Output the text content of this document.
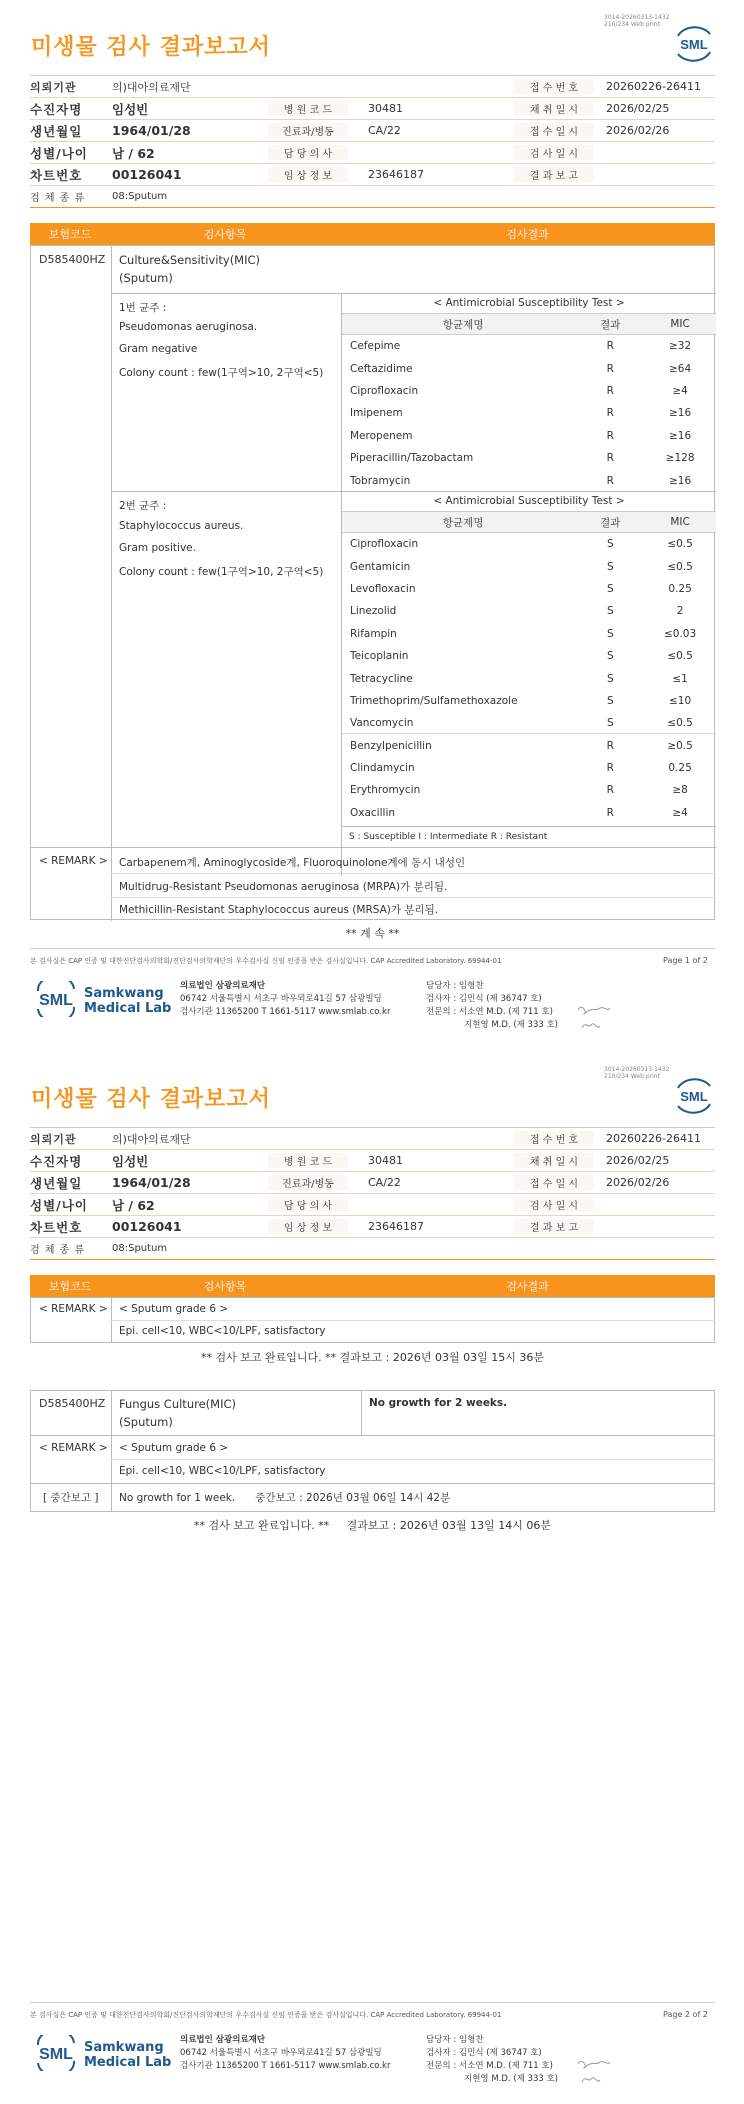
3014-20260313-1432
210/234 Web print
미생물 검사 결과보고서	SML
의뢰기관	의)대아의료재단	접 수 번 호	20260226-26411
수진자명	임성빈	병 원 코 드	30481	채 취 일 시	2026/02/25
생년월일	1964/01/28	진료과/병동	CA/22	접 수 일 시	2026/02/26
성별/나이	남 / 62	담 당 의 사	검 사 일 시
차트번호	00126041	임 상 정 보	23646187	결 과 보 고
검 체 종 류	08:Sputum
보험코드	검사항목	검사결과
D585400HZ Culture&Sensitivity(MIC)
(Sputum)
1번 균주 :
Pseudomonas aeruginosa.
Gram negative
Colony count : few(1구역>10, 2구역<5)
< Antimicrobial Susceptibility Test >
항균제명	결과	MIC
Cefepime	R	≥32
Ceftazidime	R	≥64
Ciprofloxacin	R	≥4
Imipenem	R	≥16
Meropenem	R	≥16
Piperacillin/Tazobactam	R	≥128
Tobramycin	R	≥16
2번 균주 :
Staphylococcus aureus.
Gram positive.
Colony count : few(1구역>10, 2구역<5)
< Antimicrobial Susceptibility Test >
항균제명	결과	MIC
Ciprofloxacin	S	≤0.5
Gentamicin	S	≤0.5
Levofloxacin	S	0.25
Linezolid	S	2
Rifampin	S	≤0.03
Teicoplanin	S	≤0.5
Tetracycline	S	≤1
Trimethoprim/Sulfamethoxazole	S	≤10
Vancomycin	S	≤0.5
Benzylpenicillin	R	≥0.5
Clindamycin	R	0.25
Erythromycin	R	≥8
Oxacillin	R	≥4
S : Susceptible I : Intermediate R : Resistant
< REMARK > Carbapenem계, Aminoglycoside계, Fluoroquinolone계에 동시 내성인
Multidrug-Resistant Pseudomonas aeruginosa (MRPA)가 분리됨.
Methicillin-Resistant Staphylococcus aureus (MRSA)가 분리됨.
** 계 속 **
본 검사실은 CAP 인증 및 대한진단검사의학회/진단검사의학재단의 우수검사실 신임 인증을 받은 검사실입니다. CAP Accredited Laboratory. 69944-01	Page 1 of 2
SML Samkwang
Medical Lab
의료법인 삼광의료재단
06742 서울특별시 서초구 바우뫼로41길 57 삼광빌딩
검사기관 11365200 T 1661-5117 www.smlab.co.kr
담당자 : 임형찬
검사자 : 김민식 (제 36747 호)
전문의 : 서소연 M.D. (제 711 호)
지현영 M.D. (제 333 호)
3014-20260313-1432
210/234 Web print
미생물 검사 결과보고서	SML
의뢰기관	의)대아의료재단	접 수 번 호	20260226-26411
수진자명	임성빈	병 원 코 드	30481	채 취 일 시	2026/02/25
생년월일	1964/01/28	진료과/병동	CA/22	접 수 일 시	2026/02/26
성별/나이	남 / 62	담 당 의 사	검 사 일 시
차트번호	00126041	임 상 정 보	23646187	결 과 보 고
검 체 종 류	08:Sputum
보험코드	검사항목	검사결과
< REMARK > < Sputum grade 6 >
Epi. cell<10, WBC<10/LPF, satisfactory
** 검사 보고 완료입니다. ** 결과보고 : 2026년 03월 03일 15시 36분
D585400HZ Fungus Culture(MIC)
(Sputum)
No growth for 2 weeks.
< REMARK > < Sputum grade 6 >
Epi. cell<10, WBC<10/LPF, satisfactory
[ 중간보고 ] No growth for 1 week.      중간보고 : 2026년 03월 06일 14시 42분
** 검사 보고 완료입니다. **     결과보고 : 2026년 03월 13일 14시 06분
본 검사실은 CAP 인증 및 대한진단검사의학회/진단검사의학재단의 우수검사실 신임 인증을 받은 검사실입니다. CAP Accredited Laboratory. 69944-01	Page 2 of 2
SML Samkwang
Medical Lab
의료법인 삼광의료재단
06742 서울특별시 서초구 바우뫼로41길 57 삼광빌딩
검사기관 11365200 T 1661-5117 www.smlab.co.kr
담당자 : 임형찬
검사자 : 김민식 (제 36747 호)
전문의 : 서소연 M.D. (제 711 호)
지현영 M.D. (제 333 호)
